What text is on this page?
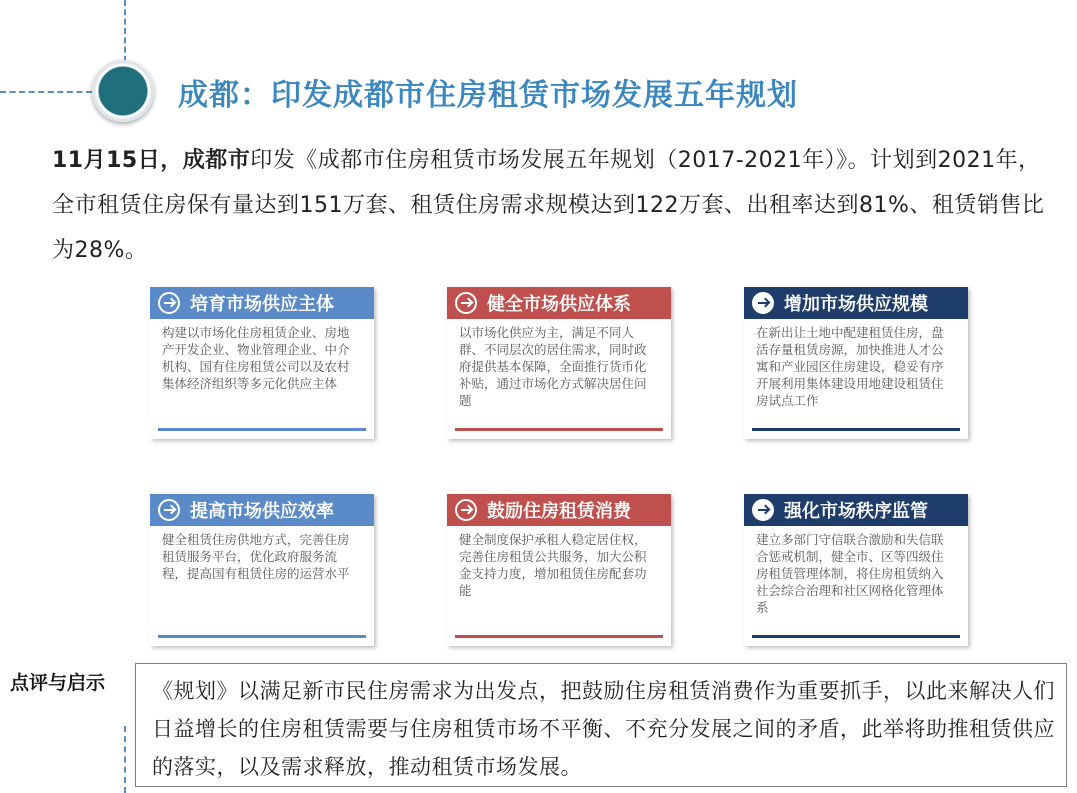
成都：印发成都市住房租赁市场发展五年规划
11月15日，成都市印发《成都市住房租赁市场发展五年规划（2017-2021年）》。计划到2021年，全市租赁住房保有量达到151万套、租赁住房需求规模达到122万套、出租率达到81%、租赁销售比为28%。
培育市场供应主体
构建以市场化住房租赁企业、房地产开发企业、物业管理企业、中介机构、国有住房租赁公司以及农村集体经济组织等多元化供应主体
健全市场供应体系
以市场化供应为主，满足不同人群、不同层次的居住需求，同时政府提供基本保障，全面推行货币化补贴，通过市场化方式解决居住问题
增加市场供应规模
在新出让土地中配建租赁住房，盘活存量租赁房源，加快推进人才公寓和产业园区住房建设，稳妥有序开展利用集体建设用地建设租赁住房试点工作
提高市场供应效率
健全租赁住房供地方式，完善住房租赁服务平台，优化政府服务流程，提高国有租赁住房的运营水平
鼓励住房租赁消费
健全制度保护承租人稳定居住权，完善住房租赁公共服务，加大公积金支持力度，增加租赁住房配套功能
强化市场秩序监管
建立多部门守信联合激励和失信联合惩戒机制，健全市、区等四级住房租赁管理体制，将住房租赁纳入社会综合治理和社区网格化管理体系
点评与启示	《规划》以满足新市民住房需求为出发点，把鼓励住房租赁消费作为重要抓手，以此来解决人们日益增长的住房租赁需要与住房租赁市场不平衡、不充分发展之间的矛盾，此举将助推租赁供应的落实，以及需求释放，推动租赁市场发展。
